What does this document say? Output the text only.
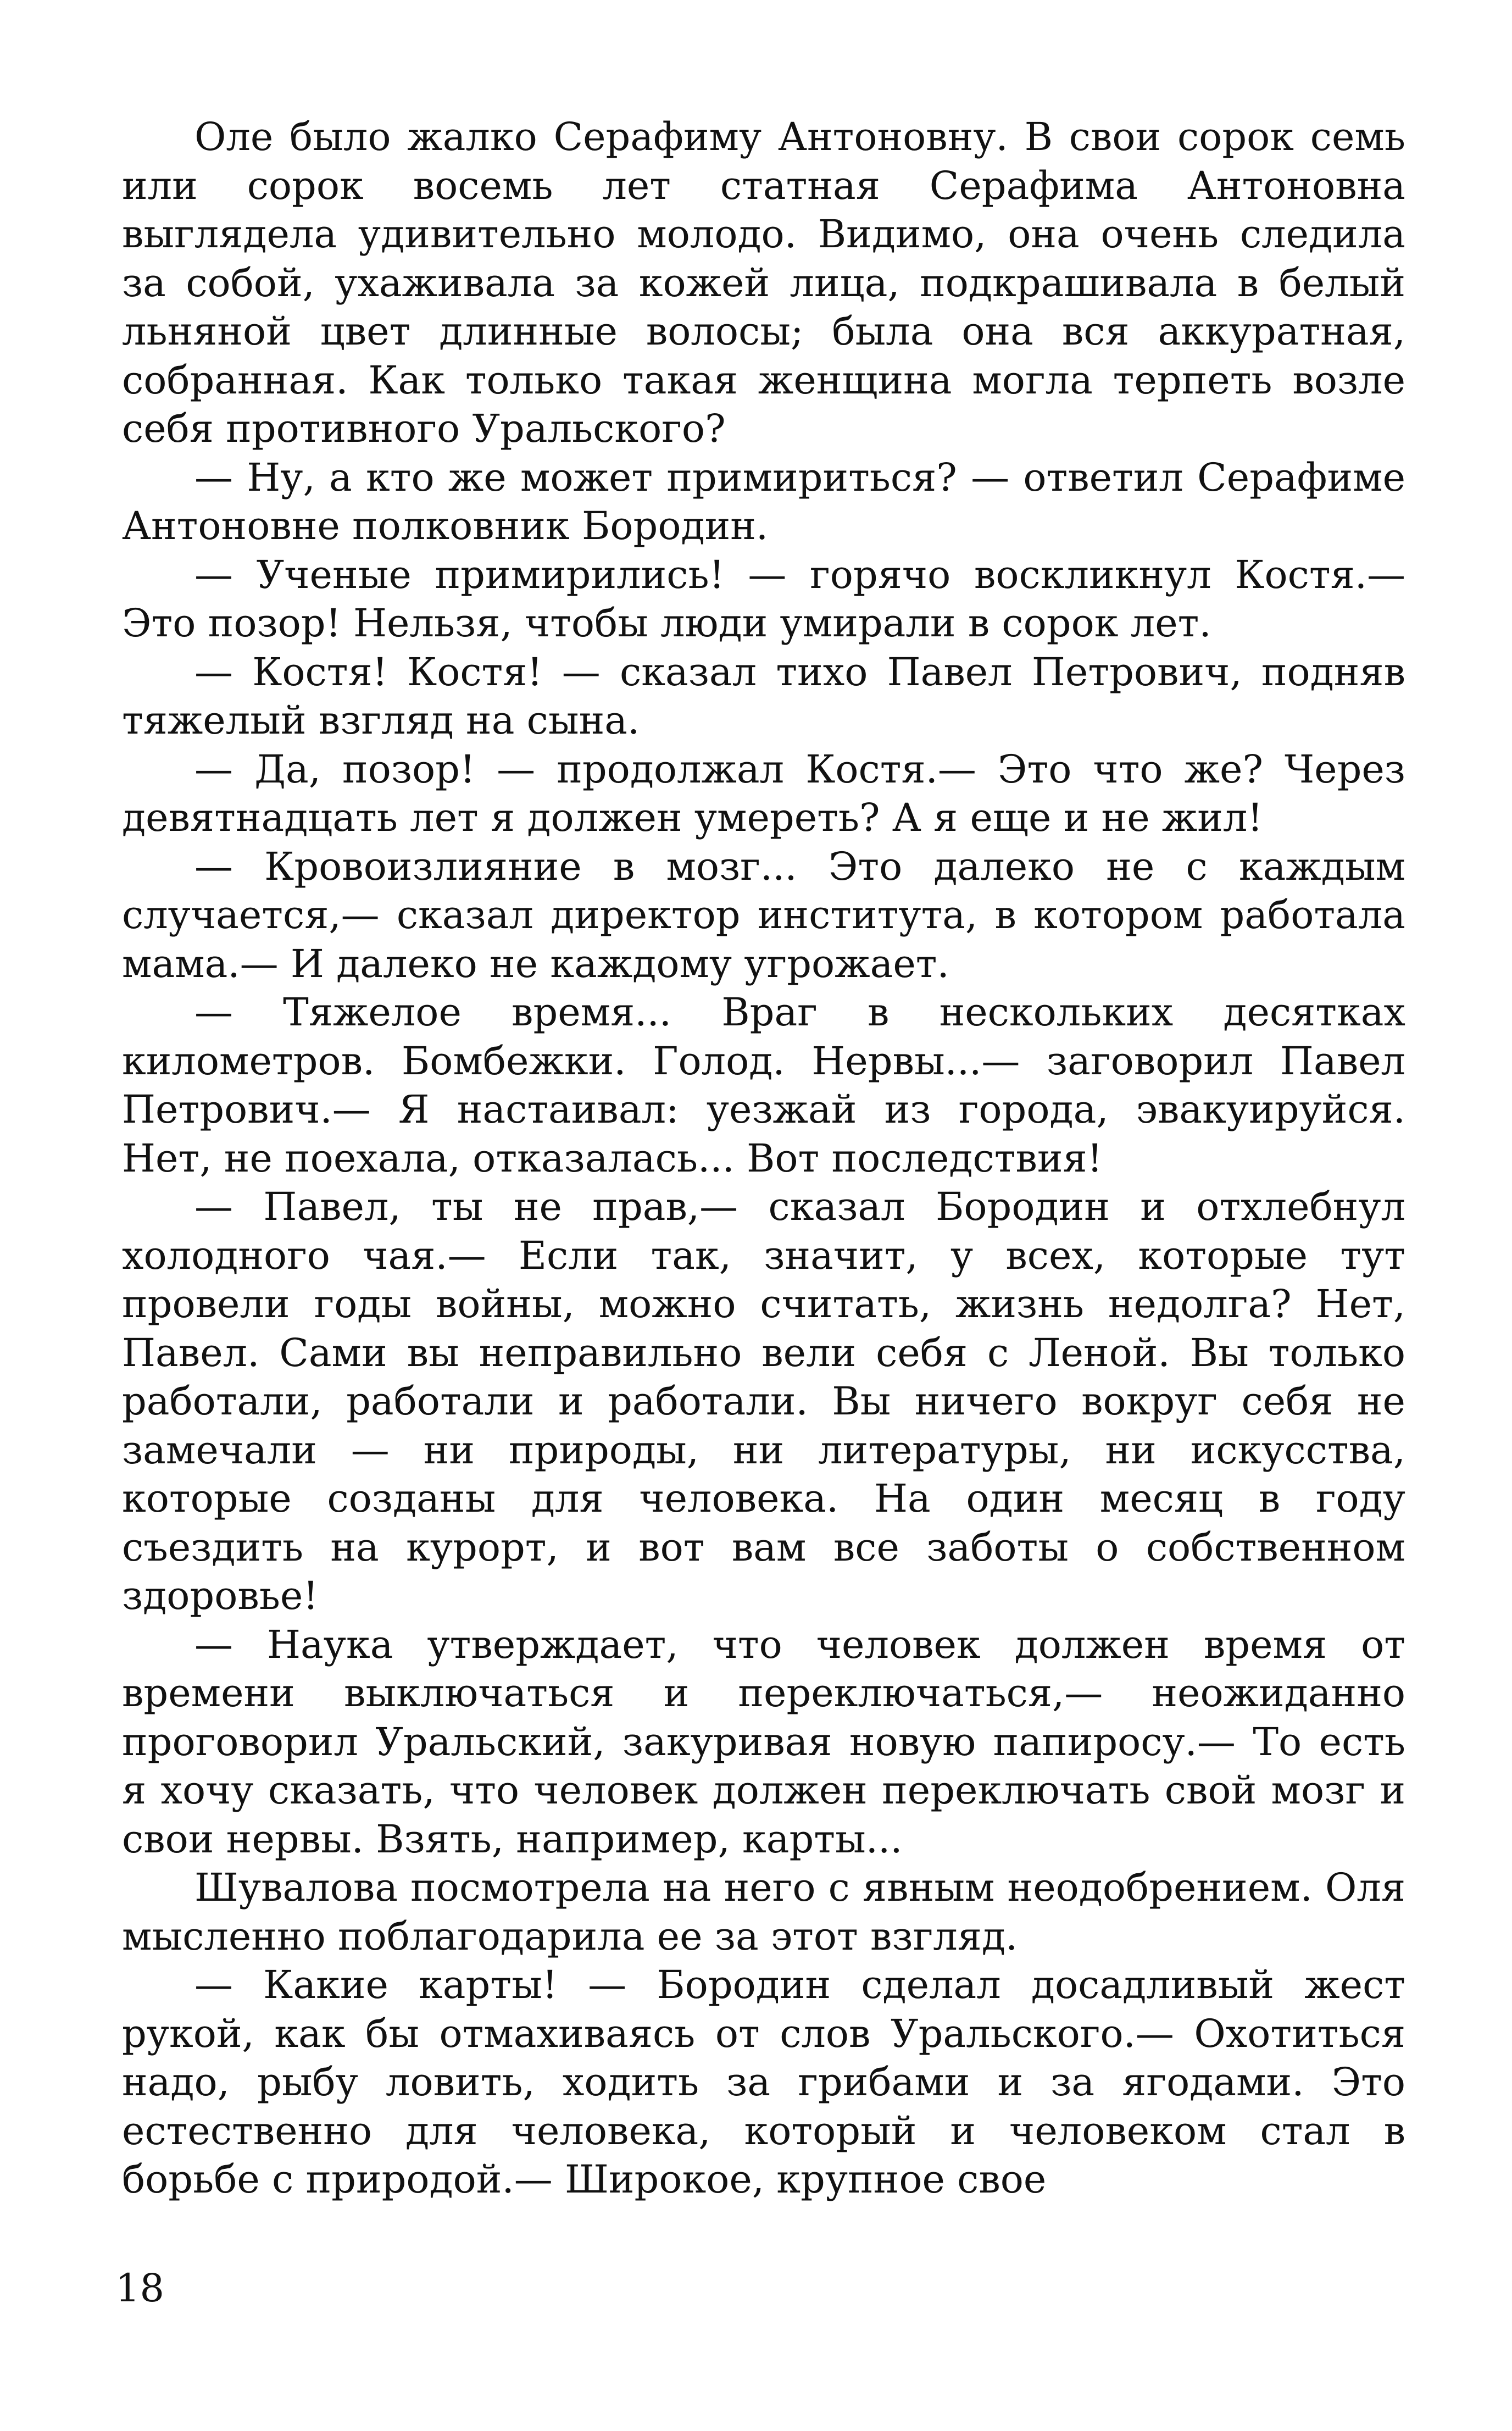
Оле было жалко Серафиму Антоновну. В свои сорок семь или сорок восемь лет статная Серафима Антоновна выглядела удивительно молодо. Видимо, она очень следила за собой, ухаживала за кожей лица, подкрашивала в белый льняной цвет длинные волосы; была она вся аккуратная, собранная. Как только такая женщина могла терпеть возле себя противного Уральского?

— Ну, а кто же может примириться? — ответил Серафиме Антоновне полковник Бородин.

— Ученые примирились! — горячо воскликнул Костя.— Это позор! Нельзя, чтобы люди умирали в сорок лет.

— Костя! Костя! — сказал тихо Павел Петрович, подняв тяжелый взгляд на сына.

— Да, позор! — продолжал Костя.— Это что же? Через девятнадцать лет я должен умереть? А я еще и не жил!

— Кровоизлияние в мозг... Это далеко не с каждым случается,— сказал директор института, в котором работала мама.— И далеко не каждому угрожает.

— Тяжелое время... Враг в нескольких десятках километров. Бомбежки. Голод. Нервы...— заговорил Павел Петрович.— Я настаивал: уезжай из города, эвакуируйся. Нет, не поехала, отказалась... Вот последствия!

— Павел, ты не прав,— сказал Бородин и отхлебнул холодного чая.— Если так, значит, у всех, которые тут провели годы войны, можно считать, жизнь недолга? Нет, Павел. Сами вы неправильно вели себя с Леной. Вы только работали, работали и работали. Вы ничего вокруг себя не замечали — ни природы, ни литературы, ни искусства, которые созданы для человека. На один месяц в году съездить на курорт, и вот вам все заботы о собственном здоровье!

— Наука утверждает, что человек должен время от времени выключаться и переключаться,— неожиданно проговорил Уральский, закуривая новую папиросу.— То есть я хочу сказать, что человек должен переключать свой мозг и свои нервы. Взять, например, карты...

Шувалова посмотрела на него с явным неодобрением. Оля мысленно поблагодарила ее за этот взгляд.

— Какие карты! — Бородин сделал досадливый жест рукой, как бы отмахиваясь от слов Уральского.— Охотиться надо, рыбу ловить, ходить за грибами и за ягодами. Это естественно для человека, который и человеком стал в борьбе с природой.— Широкое, крупное свое

18
